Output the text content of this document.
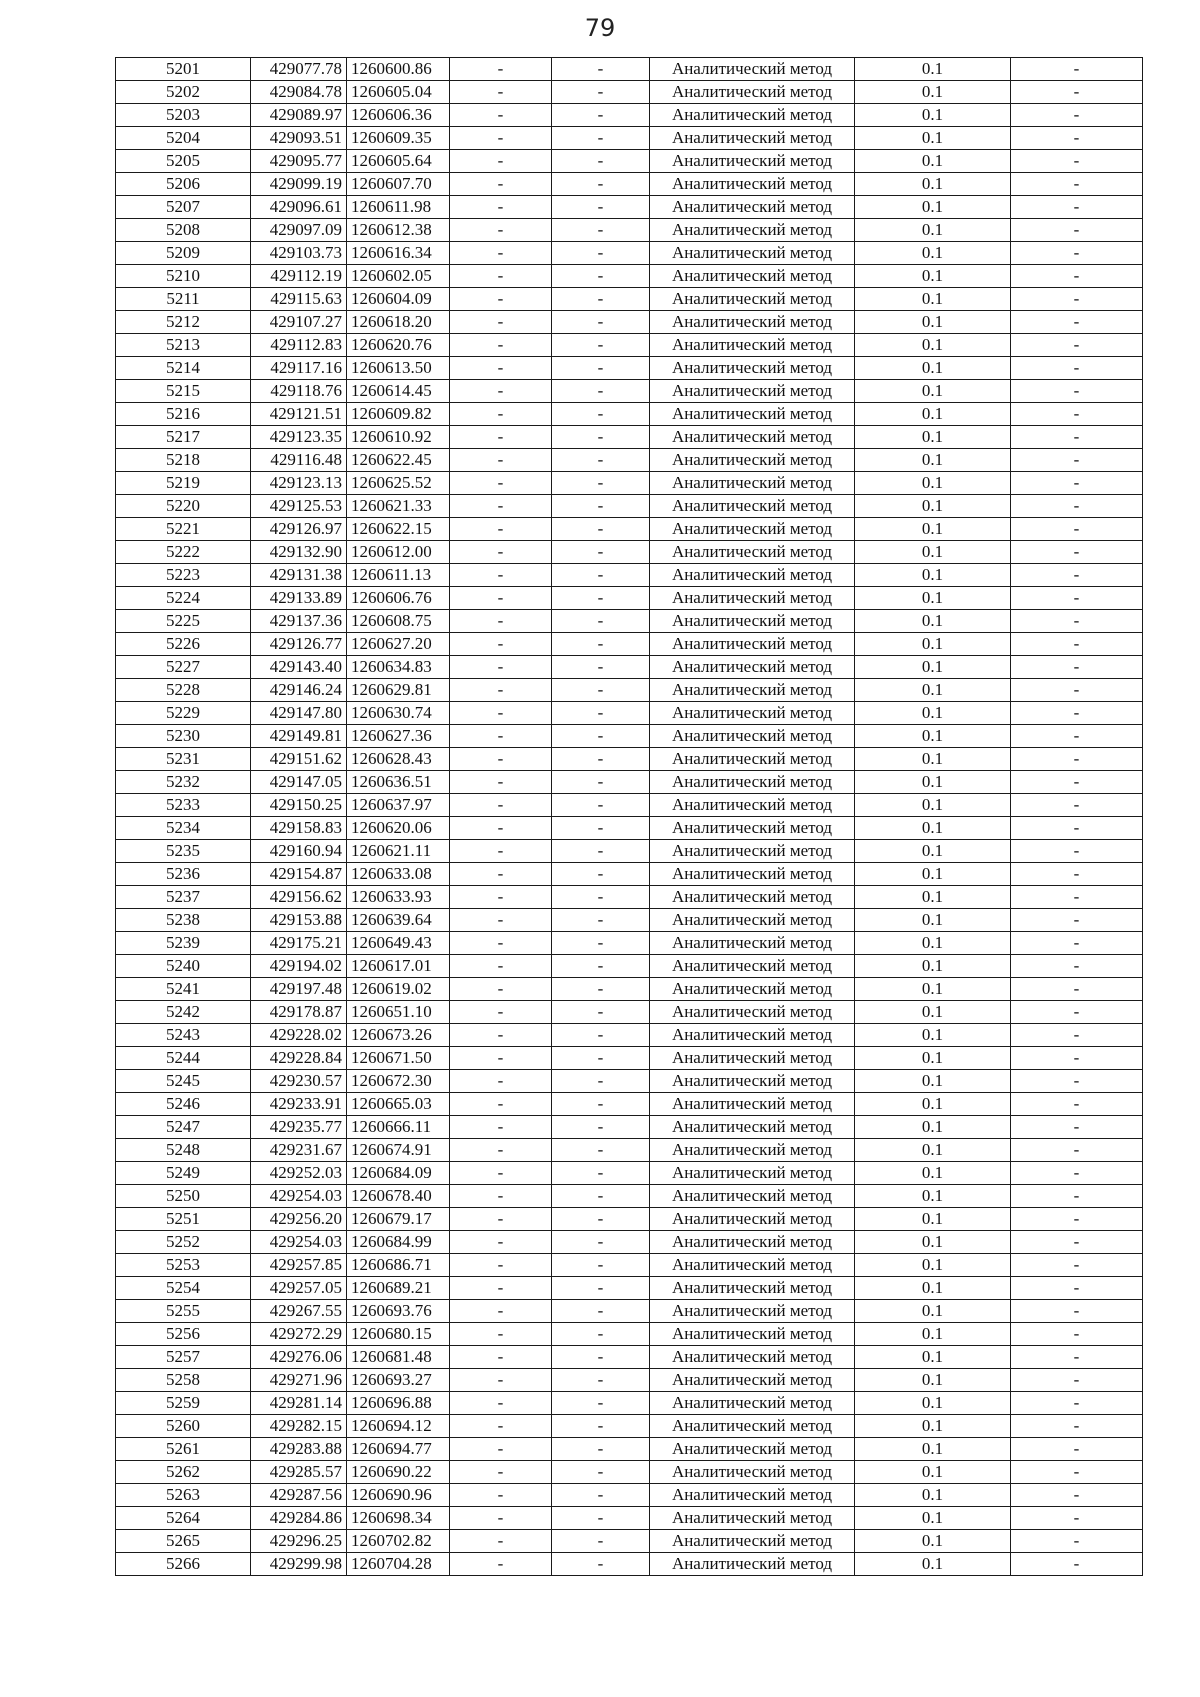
79
5201	429077.78	1260600.86	-	-	Аналитический метод	0.1	-
5202	429084.78	1260605.04	-	-	Аналитический метод	0.1	-
5203	429089.97	1260606.36	-	-	Аналитический метод	0.1	-
5204	429093.51	1260609.35	-	-	Аналитический метод	0.1	-
5205	429095.77	1260605.64	-	-	Аналитический метод	0.1	-
5206	429099.19	1260607.70	-	-	Аналитический метод	0.1	-
5207	429096.61	1260611.98	-	-	Аналитический метод	0.1	-
5208	429097.09	1260612.38	-	-	Аналитический метод	0.1	-
5209	429103.73	1260616.34	-	-	Аналитический метод	0.1	-
5210	429112.19	1260602.05	-	-	Аналитический метод	0.1	-
5211	429115.63	1260604.09	-	-	Аналитический метод	0.1	-
5212	429107.27	1260618.20	-	-	Аналитический метод	0.1	-
5213	429112.83	1260620.76	-	-	Аналитический метод	0.1	-
5214	429117.16	1260613.50	-	-	Аналитический метод	0.1	-
5215	429118.76	1260614.45	-	-	Аналитический метод	0.1	-
5216	429121.51	1260609.82	-	-	Аналитический метод	0.1	-
5217	429123.35	1260610.92	-	-	Аналитический метод	0.1	-
5218	429116.48	1260622.45	-	-	Аналитический метод	0.1	-
5219	429123.13	1260625.52	-	-	Аналитический метод	0.1	-
5220	429125.53	1260621.33	-	-	Аналитический метод	0.1	-
5221	429126.97	1260622.15	-	-	Аналитический метод	0.1	-
5222	429132.90	1260612.00	-	-	Аналитический метод	0.1	-
5223	429131.38	1260611.13	-	-	Аналитический метод	0.1	-
5224	429133.89	1260606.76	-	-	Аналитический метод	0.1	-
5225	429137.36	1260608.75	-	-	Аналитический метод	0.1	-
5226	429126.77	1260627.20	-	-	Аналитический метод	0.1	-
5227	429143.40	1260634.83	-	-	Аналитический метод	0.1	-
5228	429146.24	1260629.81	-	-	Аналитический метод	0.1	-
5229	429147.80	1260630.74	-	-	Аналитический метод	0.1	-
5230	429149.81	1260627.36	-	-	Аналитический метод	0.1	-
5231	429151.62	1260628.43	-	-	Аналитический метод	0.1	-
5232	429147.05	1260636.51	-	-	Аналитический метод	0.1	-
5233	429150.25	1260637.97	-	-	Аналитический метод	0.1	-
5234	429158.83	1260620.06	-	-	Аналитический метод	0.1	-
5235	429160.94	1260621.11	-	-	Аналитический метод	0.1	-
5236	429154.87	1260633.08	-	-	Аналитический метод	0.1	-
5237	429156.62	1260633.93	-	-	Аналитический метод	0.1	-
5238	429153.88	1260639.64	-	-	Аналитический метод	0.1	-
5239	429175.21	1260649.43	-	-	Аналитический метод	0.1	-
5240	429194.02	1260617.01	-	-	Аналитический метод	0.1	-
5241	429197.48	1260619.02	-	-	Аналитический метод	0.1	-
5242	429178.87	1260651.10	-	-	Аналитический метод	0.1	-
5243	429228.02	1260673.26	-	-	Аналитический метод	0.1	-
5244	429228.84	1260671.50	-	-	Аналитический метод	0.1	-
5245	429230.57	1260672.30	-	-	Аналитический метод	0.1	-
5246	429233.91	1260665.03	-	-	Аналитический метод	0.1	-
5247	429235.77	1260666.11	-	-	Аналитический метод	0.1	-
5248	429231.67	1260674.91	-	-	Аналитический метод	0.1	-
5249	429252.03	1260684.09	-	-	Аналитический метод	0.1	-
5250	429254.03	1260678.40	-	-	Аналитический метод	0.1	-
5251	429256.20	1260679.17	-	-	Аналитический метод	0.1	-
5252	429254.03	1260684.99	-	-	Аналитический метод	0.1	-
5253	429257.85	1260686.71	-	-	Аналитический метод	0.1	-
5254	429257.05	1260689.21	-	-	Аналитический метод	0.1	-
5255	429267.55	1260693.76	-	-	Аналитический метод	0.1	-
5256	429272.29	1260680.15	-	-	Аналитический метод	0.1	-
5257	429276.06	1260681.48	-	-	Аналитический метод	0.1	-
5258	429271.96	1260693.27	-	-	Аналитический метод	0.1	-
5259	429281.14	1260696.88	-	-	Аналитический метод	0.1	-
5260	429282.15	1260694.12	-	-	Аналитический метод	0.1	-
5261	429283.88	1260694.77	-	-	Аналитический метод	0.1	-
5262	429285.57	1260690.22	-	-	Аналитический метод	0.1	-
5263	429287.56	1260690.96	-	-	Аналитический метод	0.1	-
5264	429284.86	1260698.34	-	-	Аналитический метод	0.1	-
5265	429296.25	1260702.82	-	-	Аналитический метод	0.1	-
5266	429299.98	1260704.28	-	-	Аналитический метод	0.1	-
